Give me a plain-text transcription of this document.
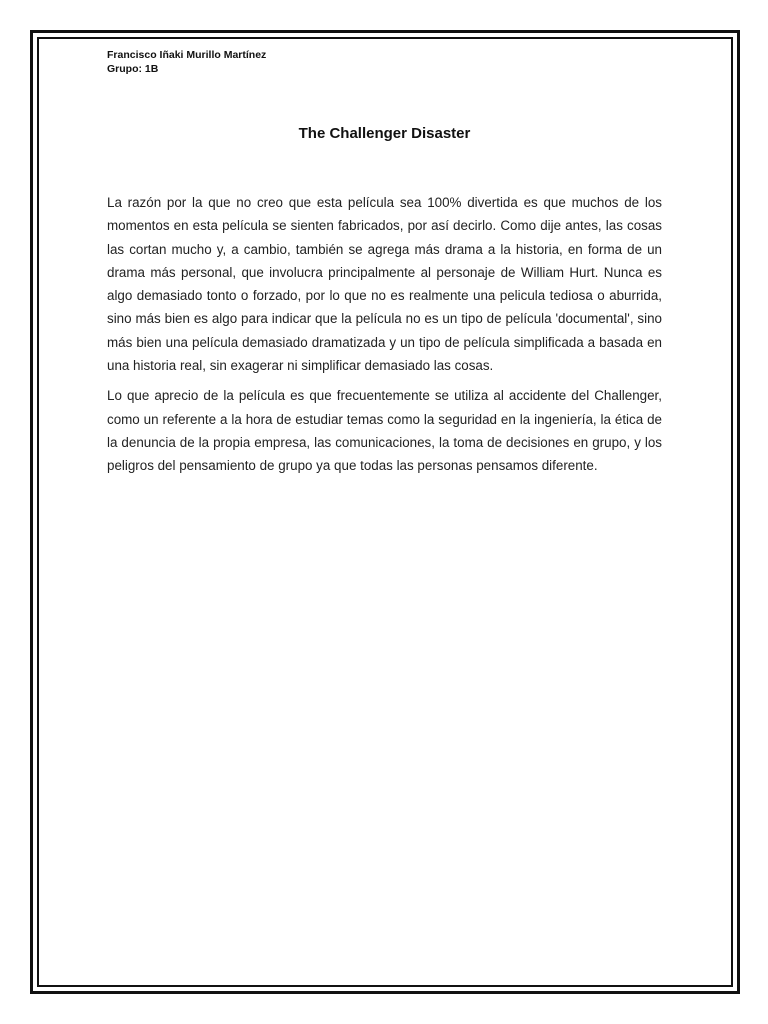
Francisco Iñaki Murillo Martínez
Grupo: 1B
The Challenger Disaster

La razón por la que no creo que esta película sea 100% divertida es que muchos de los momentos en esta película se sienten fabricados, por así decirlo. Como dije antes, las cosas las cortan mucho y, a cambio, también se agrega más drama a la historia, en forma de un drama más personal, que involucra principalmente al personaje de William Hurt. Nunca es algo demasiado tonto o forzado, por lo que no es realmente una pelicula tediosa o aburrida, sino más bien es algo para indicar que la película no es un tipo de película 'documental', sino más bien una película demasiado dramatizada y un tipo de película simplificada a basada en una historia real, sin exagerar ni simplificar demasiado las cosas.

Lo que aprecio de la película es que frecuentemente se utiliza al accidente del Challenger, como un referente a la hora de estudiar temas como la seguridad en la ingeniería, la ética de la denuncia de la propia empresa, las comunicaciones, la toma de decisiones en grupo, y los peligros del pensamiento de grupo ya que todas las personas pensamos diferente.
